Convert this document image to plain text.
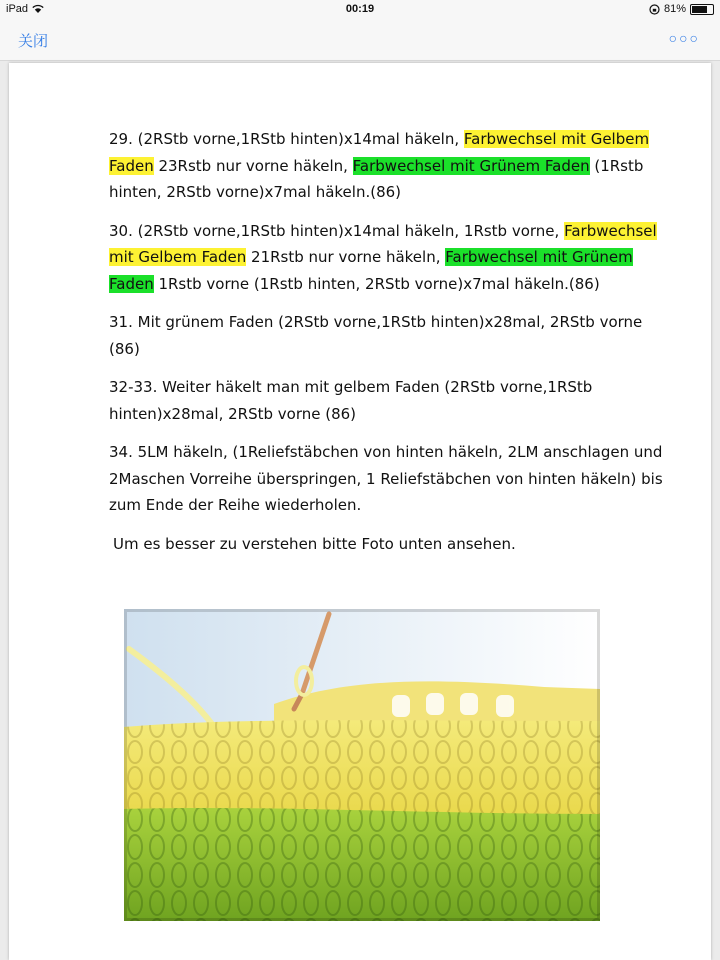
iPad	00:19	81%
关闭	○○○

29. (2RStb vorne,1RStb hinten)x14mal häkeln, Farbwechsel mit Gelbem Faden 23Rstb nur vorne häkeln, Farbwechsel mit Grünem Faden (1Rstb hinten, 2RStb vorne)x7mal häkeln.(86)

30. (2RStb vorne,1RStb hinten)x14mal häkeln, 1Rstb vorne, Farbwechsel mit Gelbem Faden 21Rstb nur vorne häkeln, Farbwechsel mit Grünem Faden 1Rstb vorne (1Rstb hinten, 2RStb vorne)x7mal häkeln.(86)

31. Mit grünem Faden (2RStb vorne,1RStb hinten)x28mal, 2RStb vorne (86)

32-33. Weiter häkelt man mit gelbem Faden (2RStb vorne,1RStb hinten)x28mal, 2RStb vorne (86)

34. 5LM häkeln, (1Reliefstäbchen von hinten häkeln, 2LM anschlagen und 2Maschen Vorreihe überspringen, 1 Reliefstäbchen von hinten häkeln) bis zum Ende der Reihe wiederholen.

Um es besser zu verstehen bitte Foto unten ansehen.
